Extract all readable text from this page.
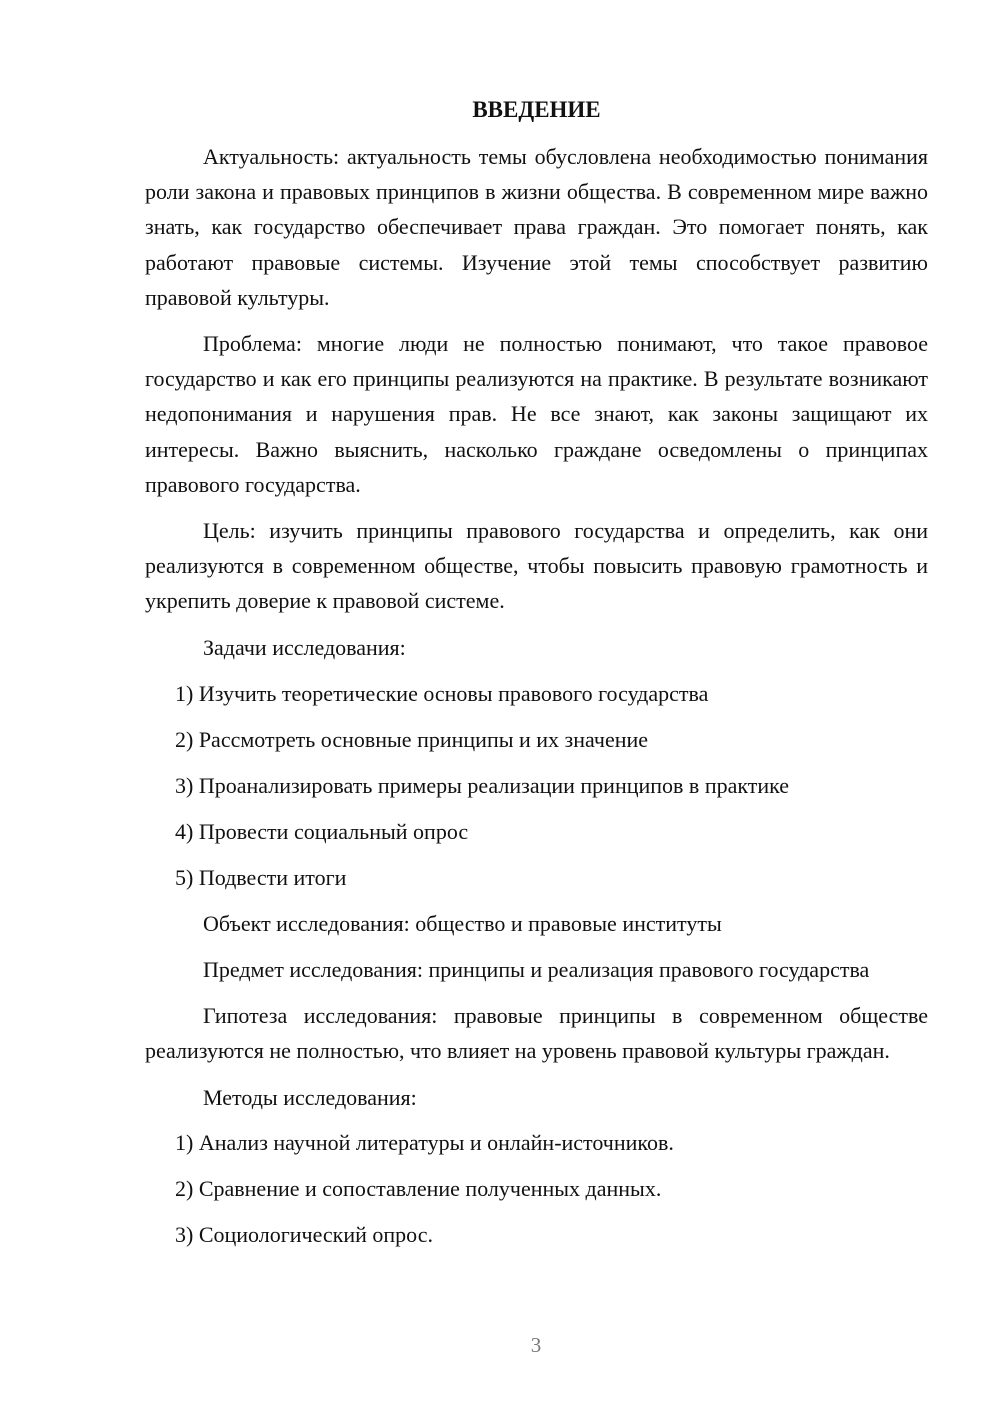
ВВЕДЕНИЕ

Актуальность: актуальность темы обусловлена необходимостью понимания роли закона и правовых принципов в жизни общества. В современном мире важно знать, как государство обеспечивает права граждан. Это помогает понять, как работают правовые системы. Изучение этой темы способствует развитию правовой культуры.

Проблема: многие люди не полностью понимают, что такое правовое государство и как его принципы реализуются на практике. В результате возникают недопонимания и нарушения прав. Не все знают, как законы защищают их интересы. Важно выяснить, насколько граждане осведомлены о принципах правового государства.

Цель: изучить принципы правового государства и определить, как они реализуются в современном обществе, чтобы повысить правовую грамотность и укрепить доверие к правовой системе.

Задачи исследования:

1) Изучить теоретические основы правового государства
2) Рассмотреть основные принципы и их значение
3) Проанализировать примеры реализации принципов в практике
4) Провести социальный опрос
5) Подвести итоги

Объект исследования: общество и правовые институты

Предмет исследования: принципы и реализация правового государства

Гипотеза исследования: правовые принципы в современном обществе реализуются не полностью, что влияет на уровень правовой культуры граждан.

Методы исследования:

1) Анализ научной литературы и онлайн-источников.
2) Сравнение и сопоставление полученных данных.
3) Социологический опрос.
3
